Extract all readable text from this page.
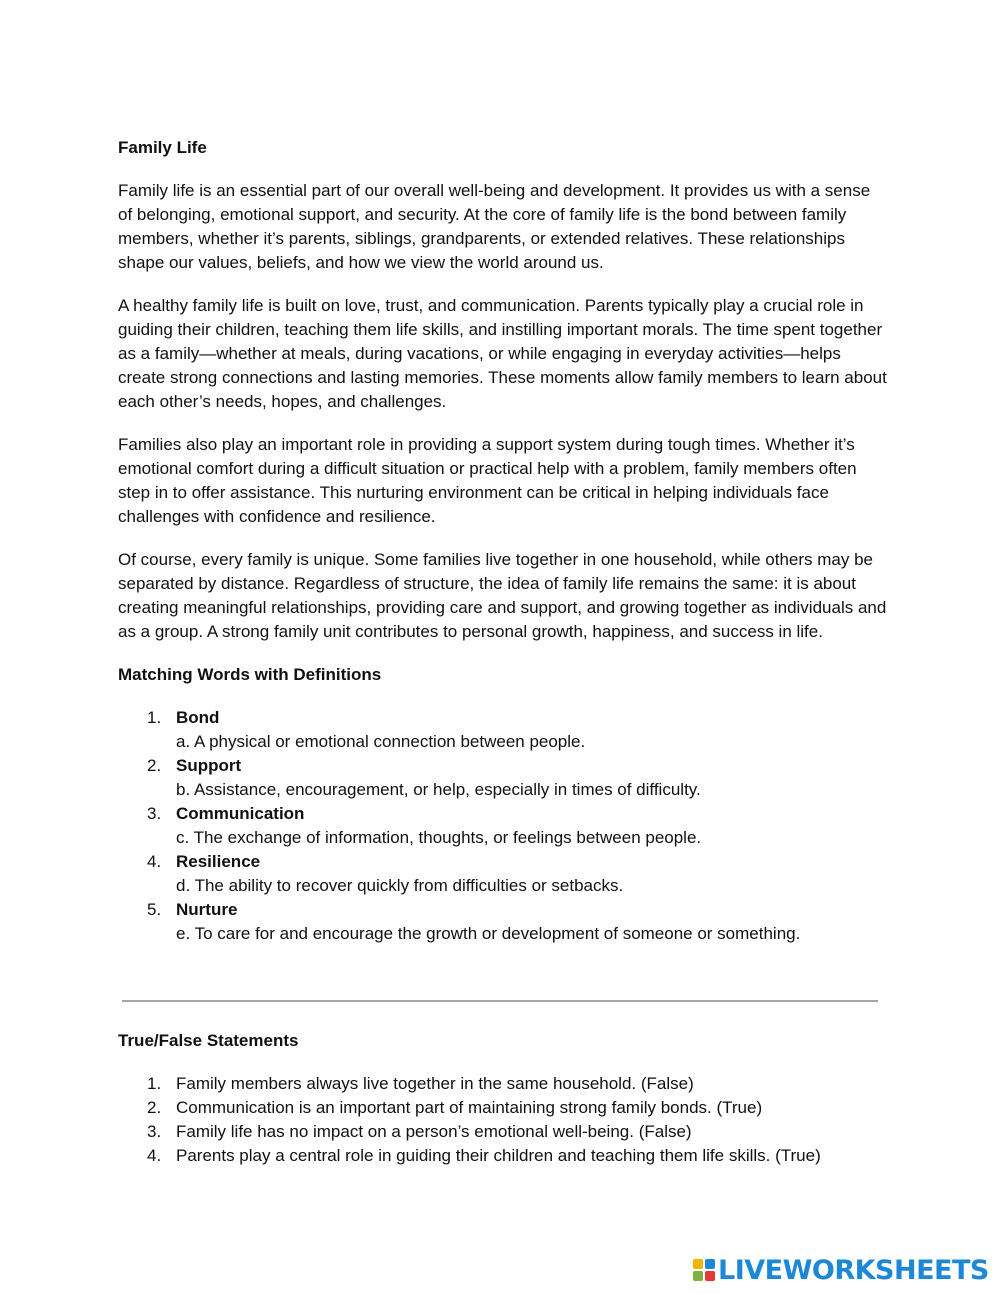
Family Life

Family life is an essential part of our overall well-being and development. It provides us with a sense of belonging, emotional support, and security. At the core of family life is the bond between family members, whether it’s parents, siblings, grandparents, or extended relatives. These relationships shape our values, beliefs, and how we view the world around us.

A healthy family life is built on love, trust, and communication. Parents typically play a crucial role in guiding their children, teaching them life skills, and instilling important morals. The time spent together as a family—whether at meals, during vacations, or while engaging in everyday activities—helps create strong connections and lasting memories. These moments allow family members to learn about each other’s needs, hopes, and challenges.

Families also play an important role in providing a support system during tough times. Whether it’s emotional comfort during a difficult situation or practical help with a problem, family members often step in to offer assistance. This nurturing environment can be critical in helping individuals face challenges with confidence and resilience.

Of course, every family is unique. Some families live together in one household, while others may be separated by distance. Regardless of structure, the idea of family life remains the same: it is about creating meaningful relationships, providing care and support, and growing together as individuals and as a group. A strong family unit contributes to personal growth, happiness, and success in life.

Matching Words with Definitions
1. Bond
a. A physical or emotional connection between people.
2. Support
b. Assistance, encouragement, or help, especially in times of difficulty.
3. Communication
c. The exchange of information, thoughts, or feelings between people.
4. Resilience
d. The ability to recover quickly from difficulties or setbacks.
5. Nurture
e. To care for and encourage the growth or development of someone or something.
True/False Statements
1. Family members always live together in the same household. (False)
2. Communication is an important part of maintaining strong family bonds. (True)
3. Family life has no impact on a person’s emotional well-being. (False)
4. Parents play a central role in guiding their children and teaching them life skills. (True)
LIVEWORKSHEETS
